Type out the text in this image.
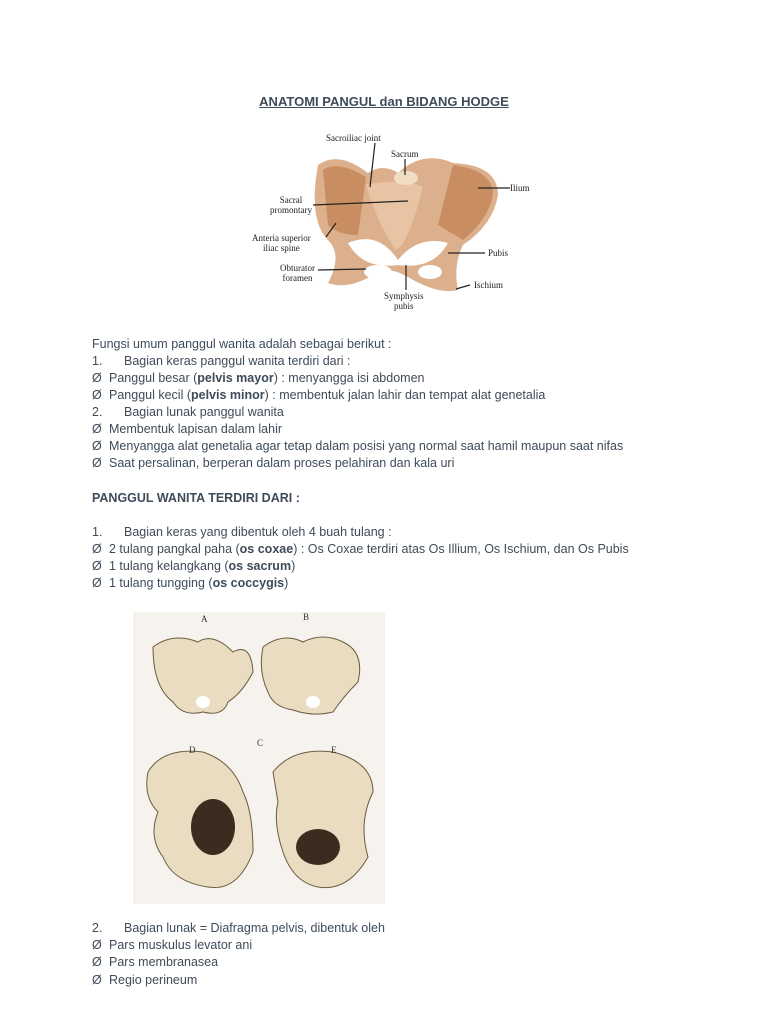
ANATOMI PANGUL dan BIDANG HODGE
Sacroiliac joint
Sacrum
Ilium
Sacral
promontary
Anteria superior
iliac spine	Pubis
Obturator
foramen
Ischium
Symphysis
pubis
Fungsi umum panggul wanita adalah sebagai berikut :
1. Bagian keras panggul wanita terdiri dari :
Ø Panggul besar (pelvis mayor) : menyangga isi abdomen
Ø Panggul kecil (pelvis minor) : membentuk jalan lahir dan tempat alat genetalia
2. Bagian lunak panggul wanita
Ø Membentuk lapisan dalam lahir
Ø Menyangga alat genetalia agar tetap dalam posisi yang normal saat hamil maupun saat nifas
Ø Saat persalinan, berperan dalam proses pelahiran dan kala uri
PANGGUL WANITA TERDIRI DARI :
1. Bagian keras yang dibentuk oleh 4 buah tulang :
Ø 2 tulang pangkal paha (os coxae) : Os Coxae terdiri atas Os Illium, Os Ischium, dan Os Pubis
Ø 1 tulang kelangkang (os sacrum)
Ø 1 tulang tungging (os coccygis)
A	B
C
D	E
2. Bagian lunak = Diafragma pelvis, dibentuk oleh
Ø Pars muskulus levator ani
Ø Pars membranasea
Ø Regio perineum
